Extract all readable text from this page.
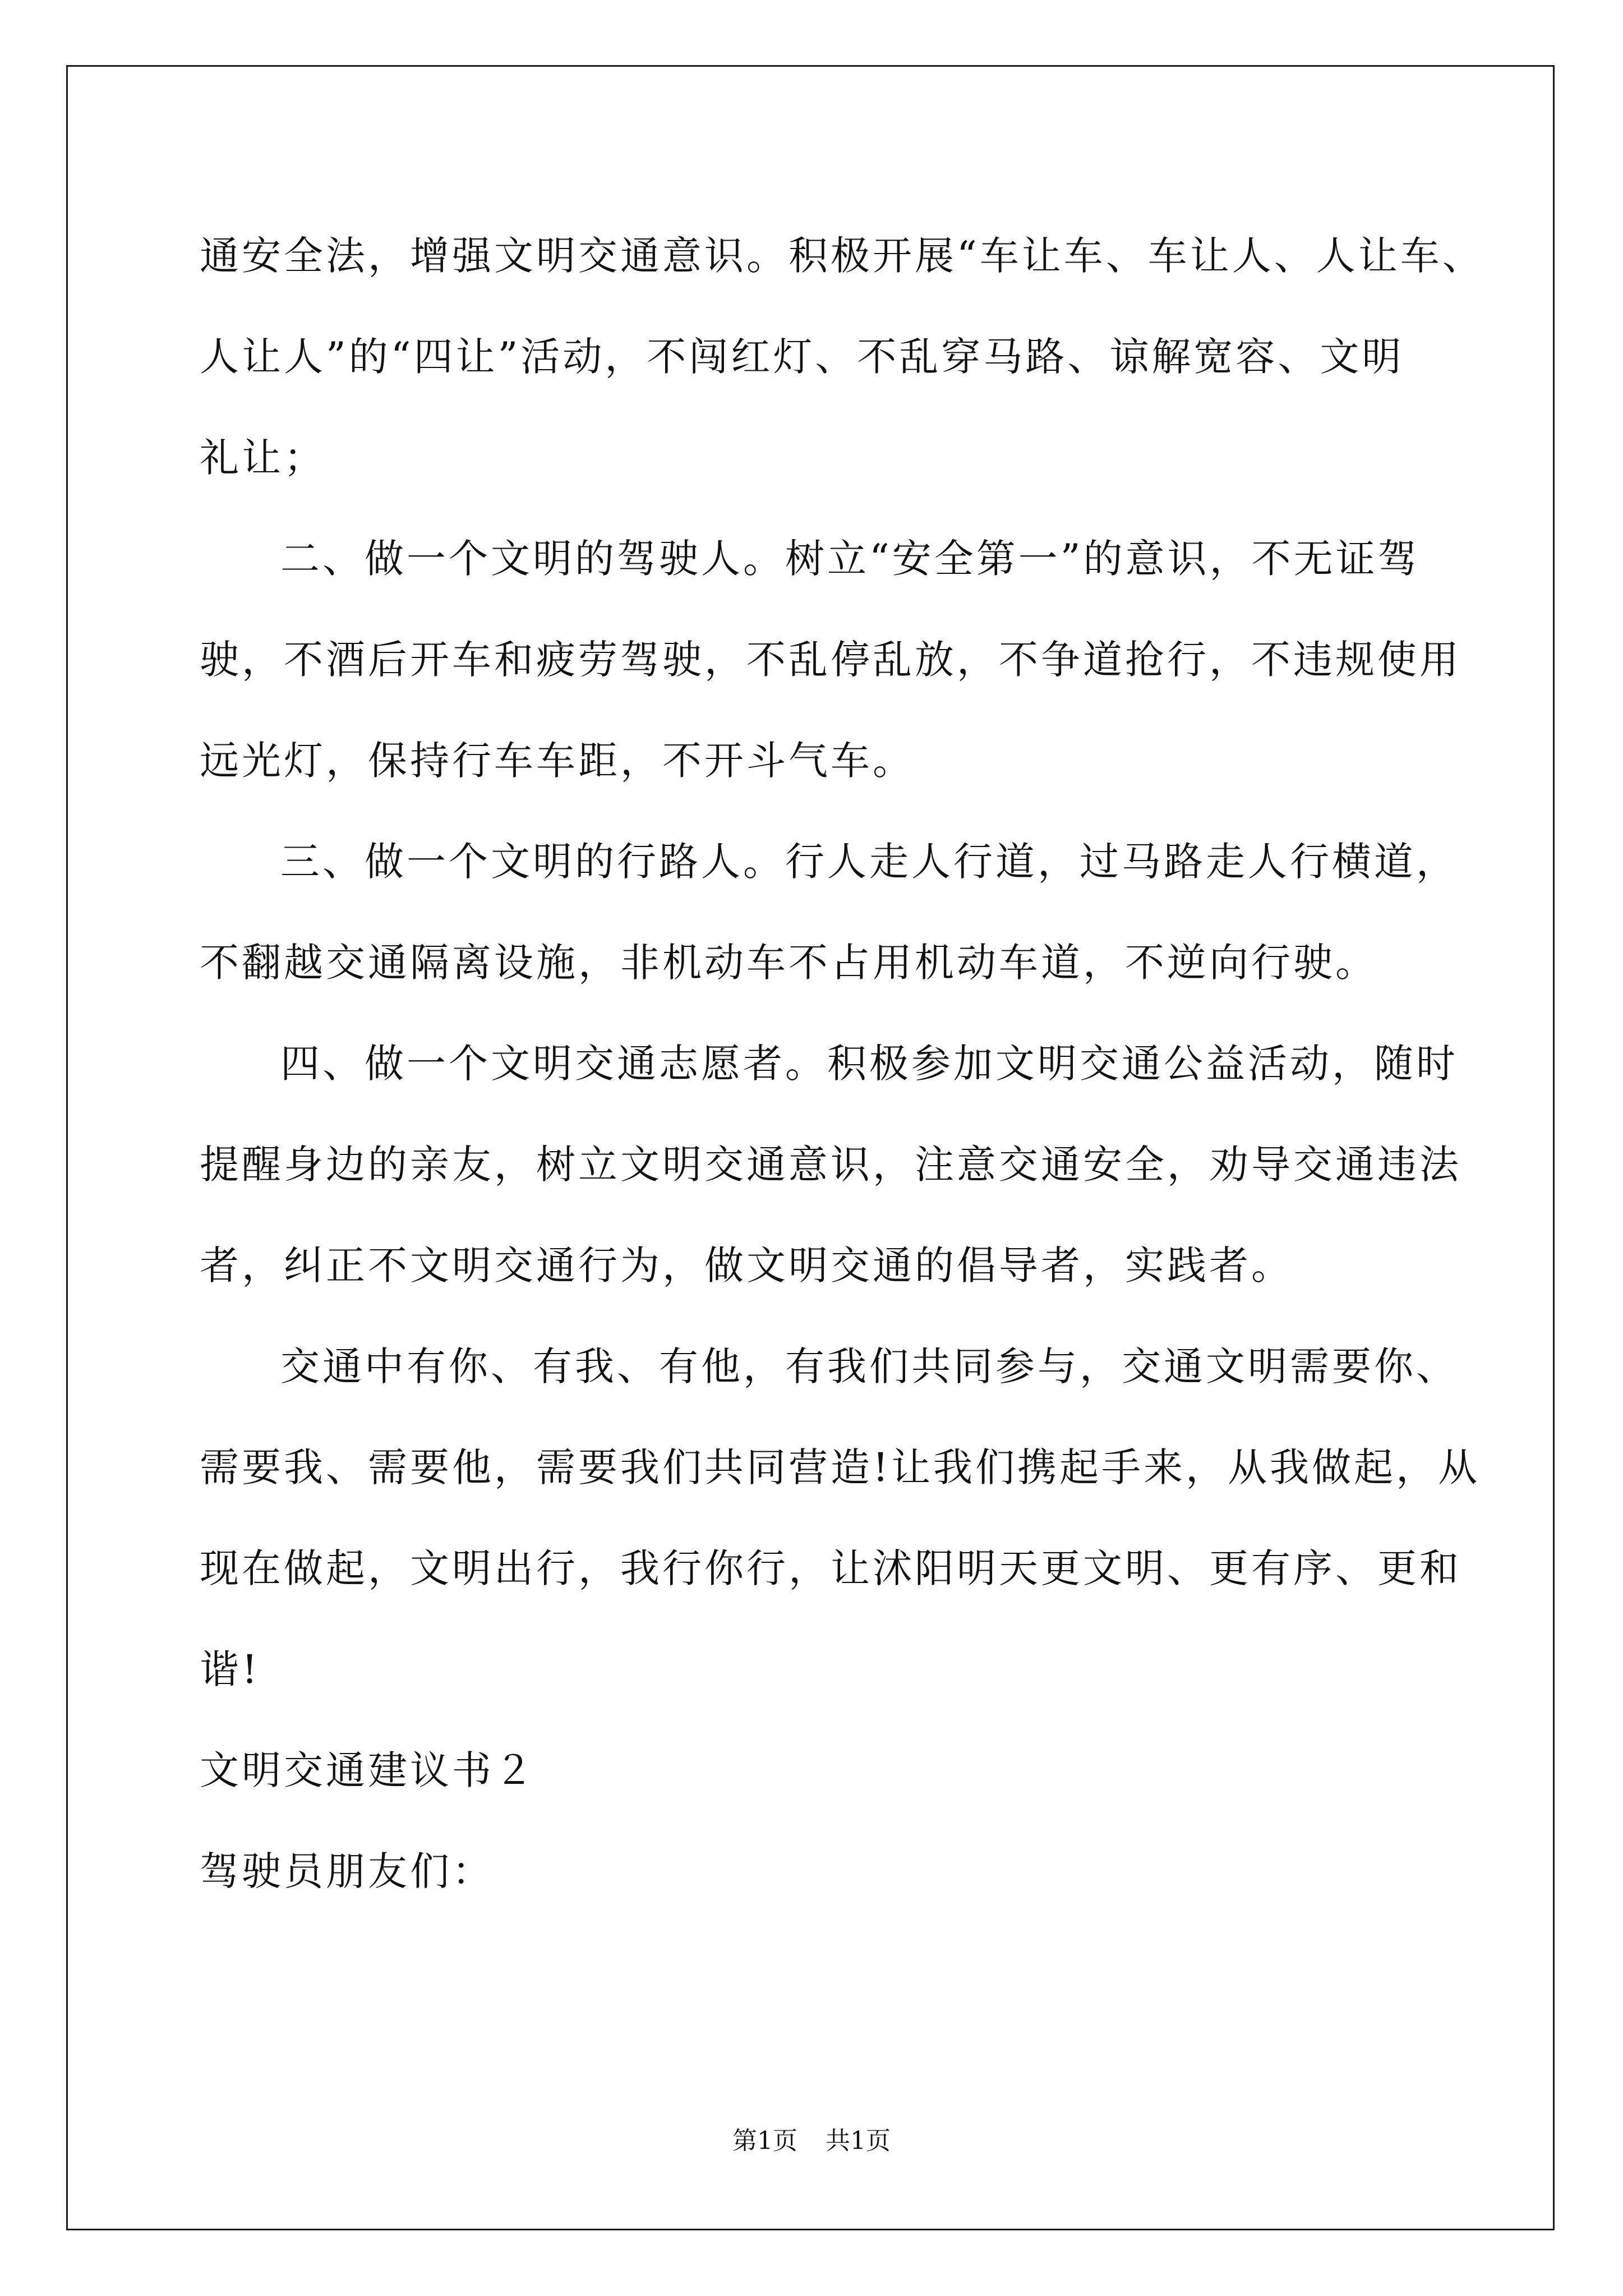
通安全法，增强文明交通意识。积极开展“车让车、车让人、人让车、
人让人”的“四让”活动，不闯红灯、不乱穿马路、谅解宽容、文明
礼让；
二、做一个文明的驾驶人。树立“安全第一”的意识，不无证驾
驶，不酒后开车和疲劳驾驶，不乱停乱放，不争道抢行，不违规使用
远光灯，保持行车车距，不开斗气车。
三、做一个文明的行路人。行人走人行道，过马路走人行横道，
不翻越交通隔离设施，非机动车不占用机动车道，不逆向行驶。
四、做一个文明交通志愿者。积极参加文明交通公益活动，随时
提醒身边的亲友，树立文明交通意识，注意交通安全，劝导交通违法
者，纠正不文明交通行为，做文明交通的倡导者，实践者。
交通中有你、有我、有他，有我们共同参与，交通文明需要你、
需要我、需要他，需要我们共同营造!让我们携起手来，从我做起，从
现在做起，文明出行，我行你行，让沭阳明天更文明、更有序、更和
谐!
文明交通建议书２
驾驶员朋友们：
第1页 共1页
